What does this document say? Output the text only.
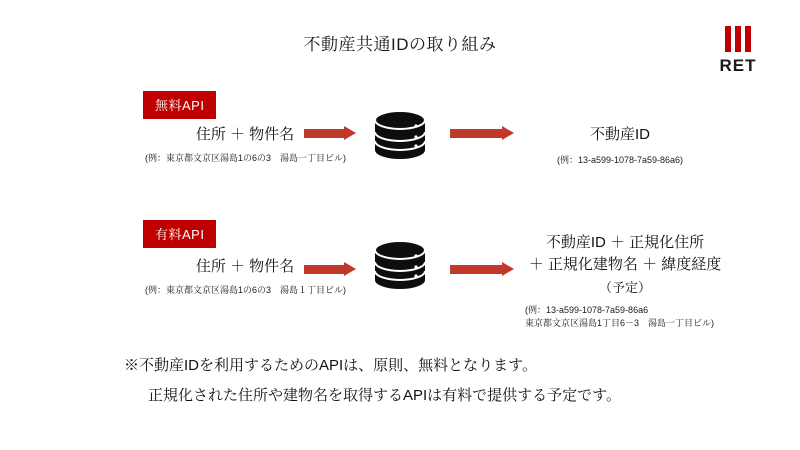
不動産共通IDの取り組み
RET
無料API
住所 ＋ 物件名
(例：東京都文京区湯島1の6の3　湯島一丁目ビル)
不動産ID
(例：13-a599-1078-7a59-86a6)
有料API
住所 ＋ 物件名
(例：東京都文京区湯島1の6の3　湯島１丁目ビル)
不動産ID ＋ 正規化住所
＋ 正規化建物名 ＋ 緯度経度
（予定）
(例：13-a599-1078-7a59-86a6
東京都文京区湯島1丁目6－3　湯島一丁目ビル)
※不動産IDを利用するためのAPIは、原則、無料となります。
正規化された住所や建物名を取得するAPIは有料で提供する予定です。
